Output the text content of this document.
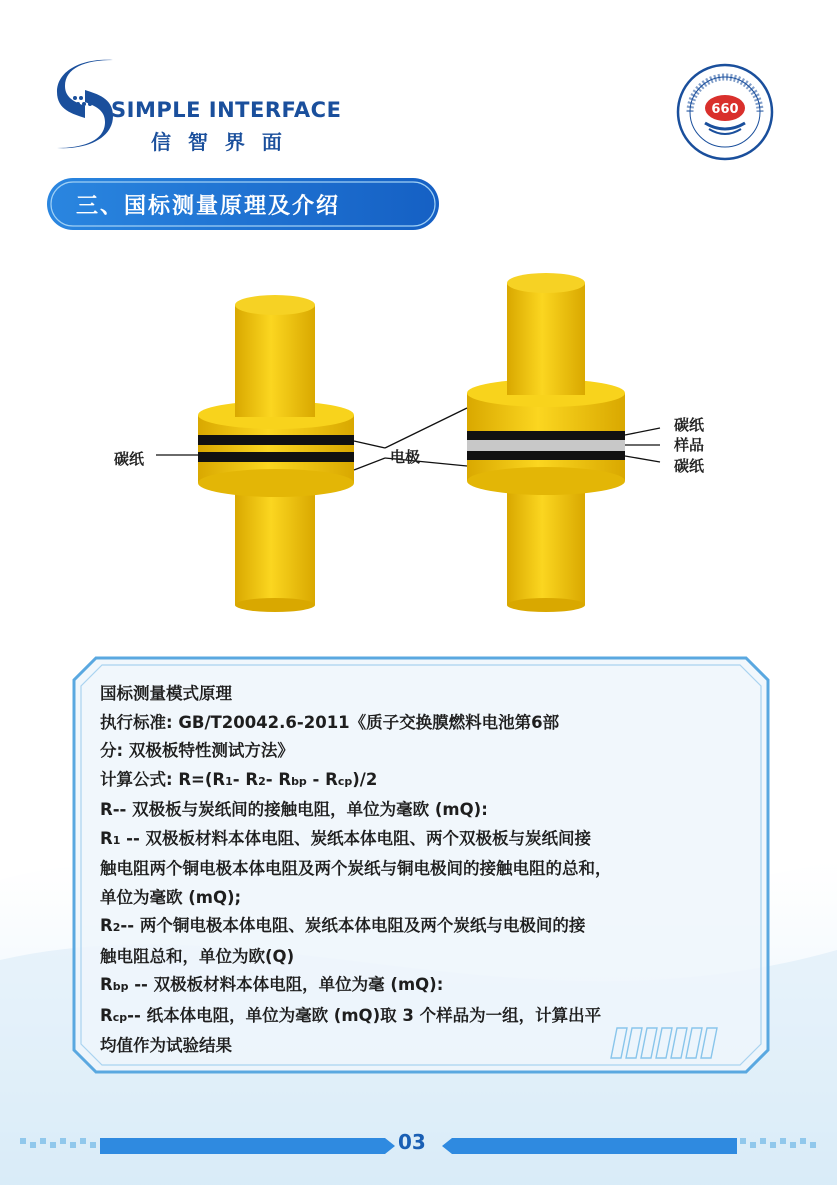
SIMPLE INTERFACE
信 智 界 面
660
三、国标测量原理及介绍
碳纸	电极
碳纸
样品
碳纸

国标测量模式原理

执行标准: GB/T20042.6-2011《质子交换膜燃料电池第6部

分: 双极板特性测试方法》

计算公式: R=(R1- R2- Rbp - Rcp)/2

R-- 双极板与炭纸间的接触电阻，单位为毫欧 (mQ):

R1 -- 双极板材料本体电阻、炭纸本体电阻、两个双极板与炭纸间接

触电阻两个铜电极本体电阻及两个炭纸与铜电极间的接触电阻的总和，

单位为毫欧 (mQ);

R2-- 两个铜电极本体电阻、炭纸本体电阻及两个炭纸与电极间的接

触电阻总和，单位为欧(Q)

Rbp -- 双极板材料本体电阻，单位为毫 (mQ):

Rcp-- 纸本体电阻，单位为毫欧 (mQ)取 3 个样品为一组，计算出平

均值作为试验结果

03
